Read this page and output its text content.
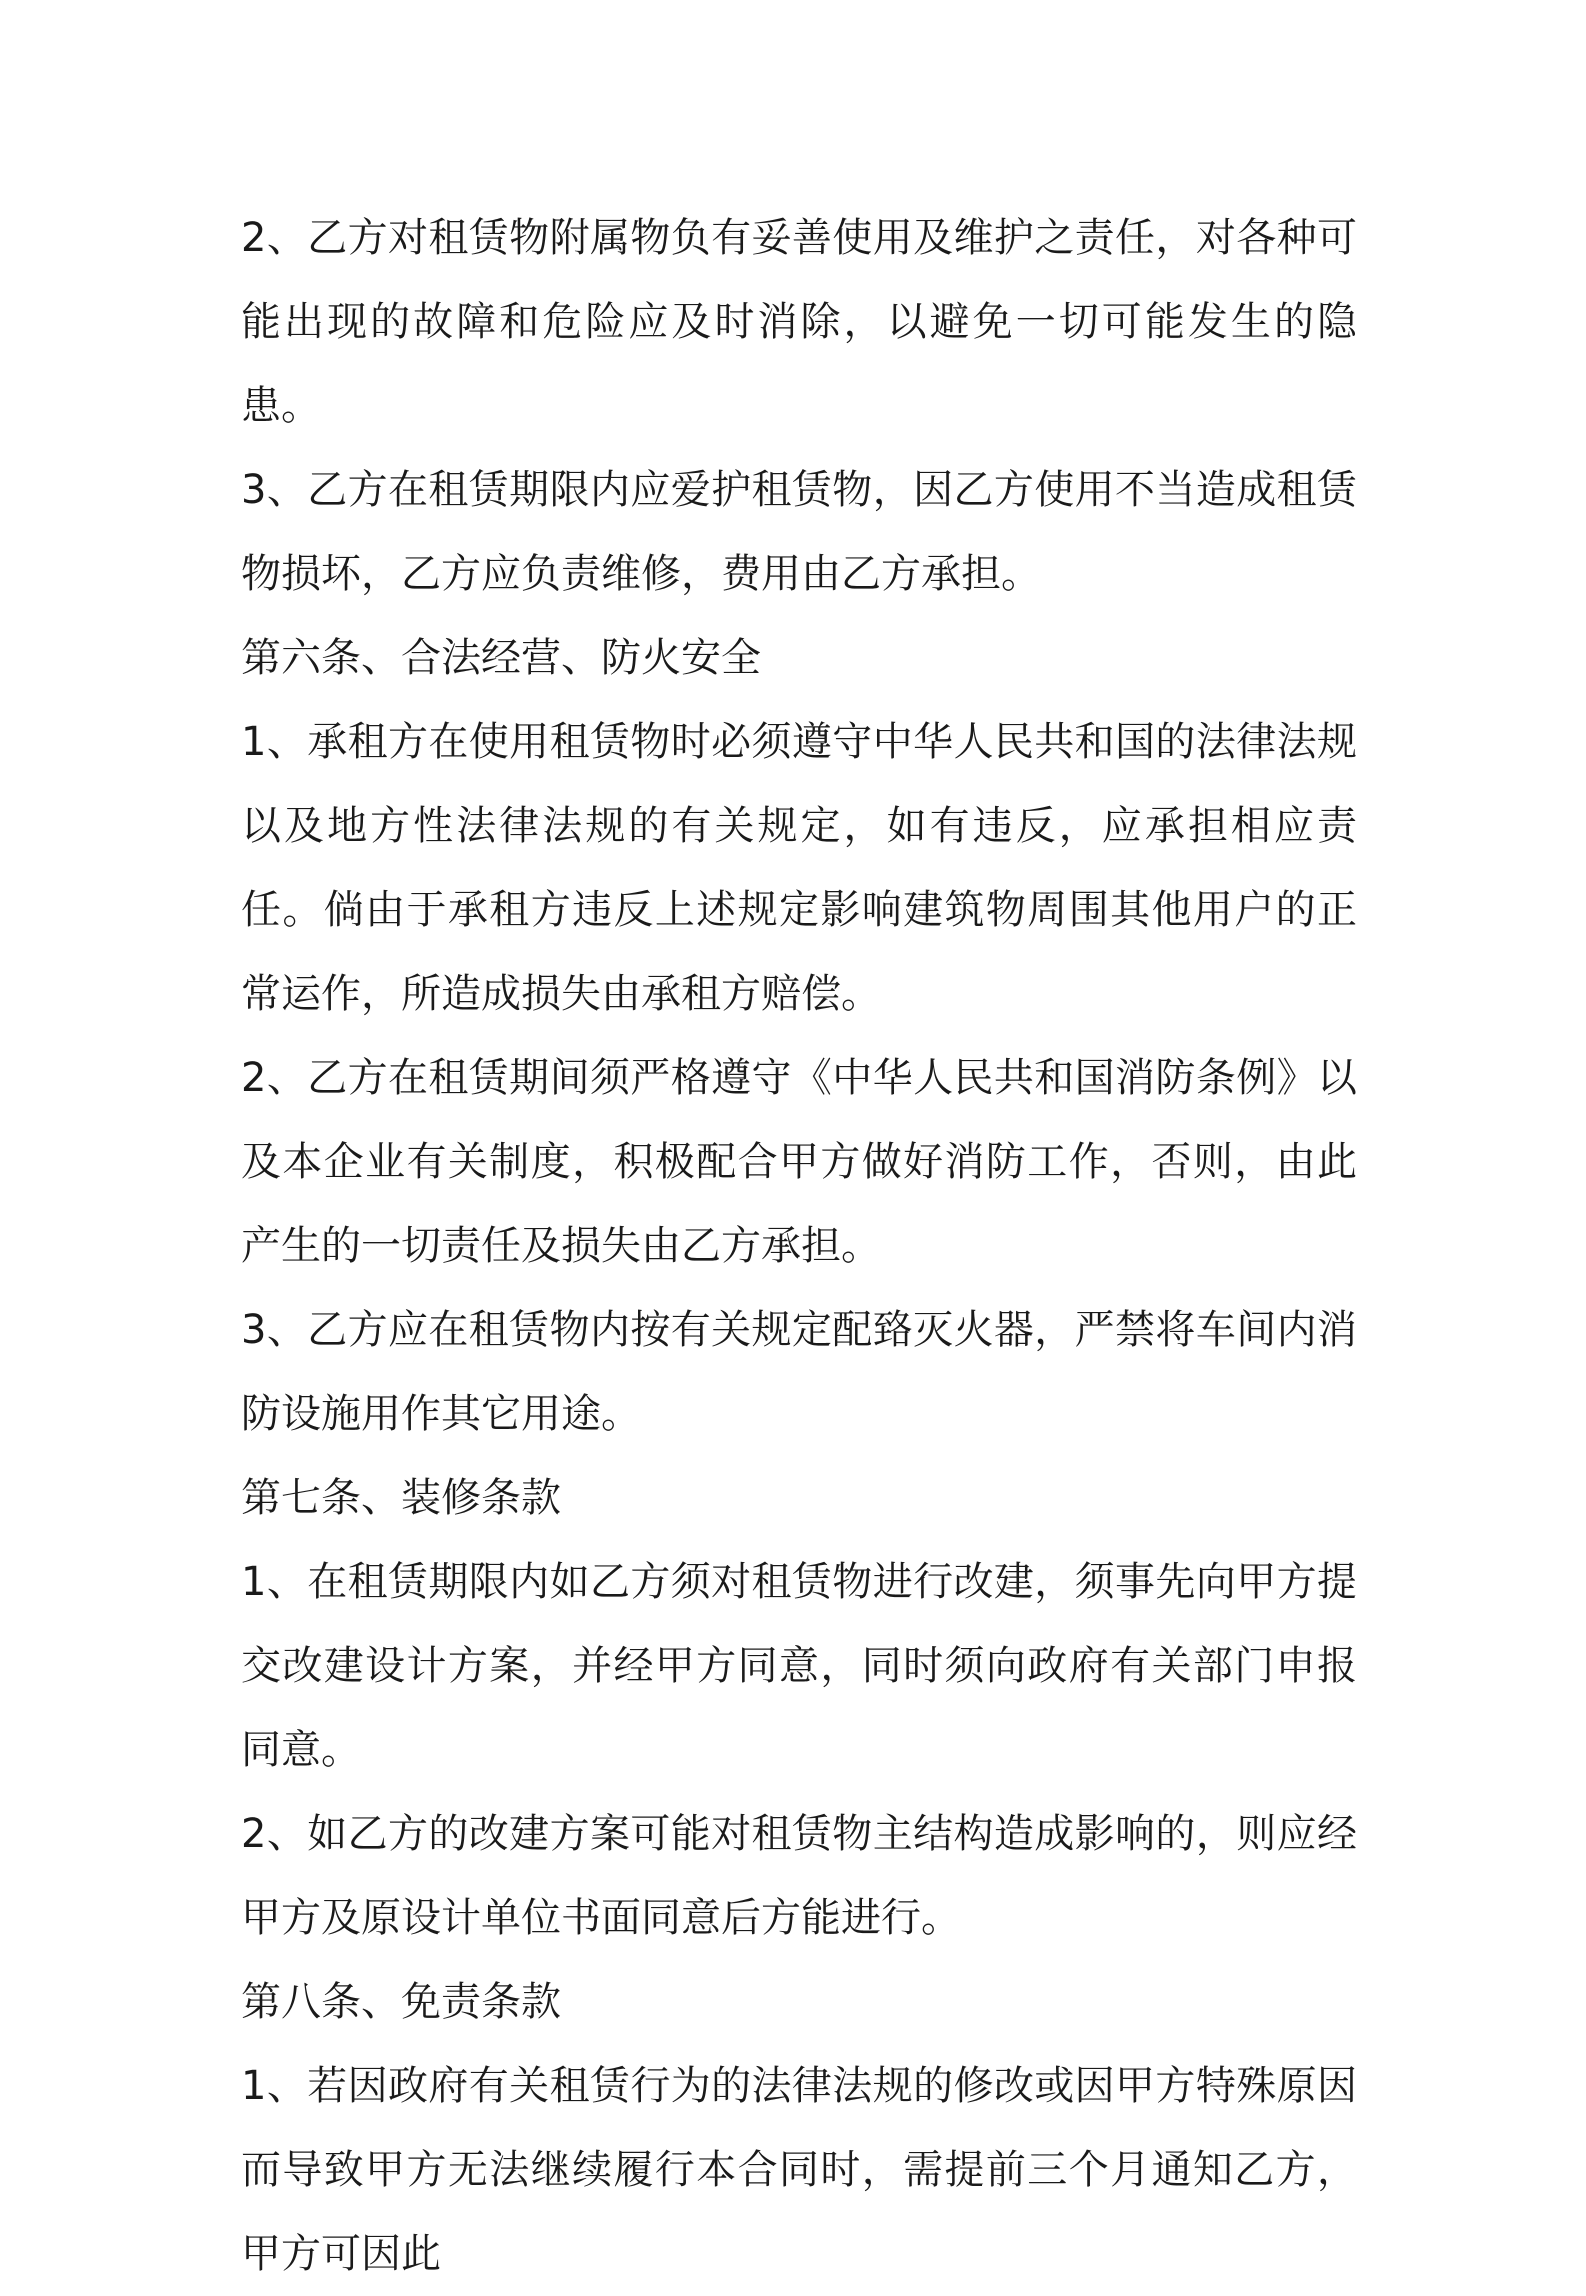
2、乙方对租赁物附属物负有妥善使用及维护之责任，对各种可能出现的故障和危险应及时消除，以避免一切可能发生的隐患。

3、乙方在租赁期限内应爱护租赁物，因乙方使用不当造成租赁物损坏，乙方应负责维修，费用由乙方承担。

第六条、合法经营、防火安全

1、承租方在使用租赁物时必须遵守中华人民共和国的法律法规以及地方性法律法规的有关规定，如有违反，应承担相应责任。倘由于承租方违反上述规定影响建筑物周围其他用户的正常运作，所造成损失由承租方赔偿。

2、乙方在租赁期间须严格遵守《中华人民共和国消防条例》以及本企业有关制度，积极配合甲方做好消防工作，否则，由此产生的一切责任及损失由乙方承担。

3、乙方应在租赁物内按有关规定配臵灭火器，严禁将车间内消防设施用作其它用途。

第七条、装修条款

1、在租赁期限内如乙方须对租赁物进行改建，须事先向甲方提交改建设计方案，并经甲方同意，同时须向政府有关部门申报同意。

2、如乙方的改建方案可能对租赁物主结构造成影响的，则应经甲方及原设计单位书面同意后方能进行。

第八条、免责条款

1、若因政府有关租赁行为的法律法规的修改或因甲方特殊原因而导致甲方无法继续履行本合同时，需提前三个月通知乙方，甲方可因此
